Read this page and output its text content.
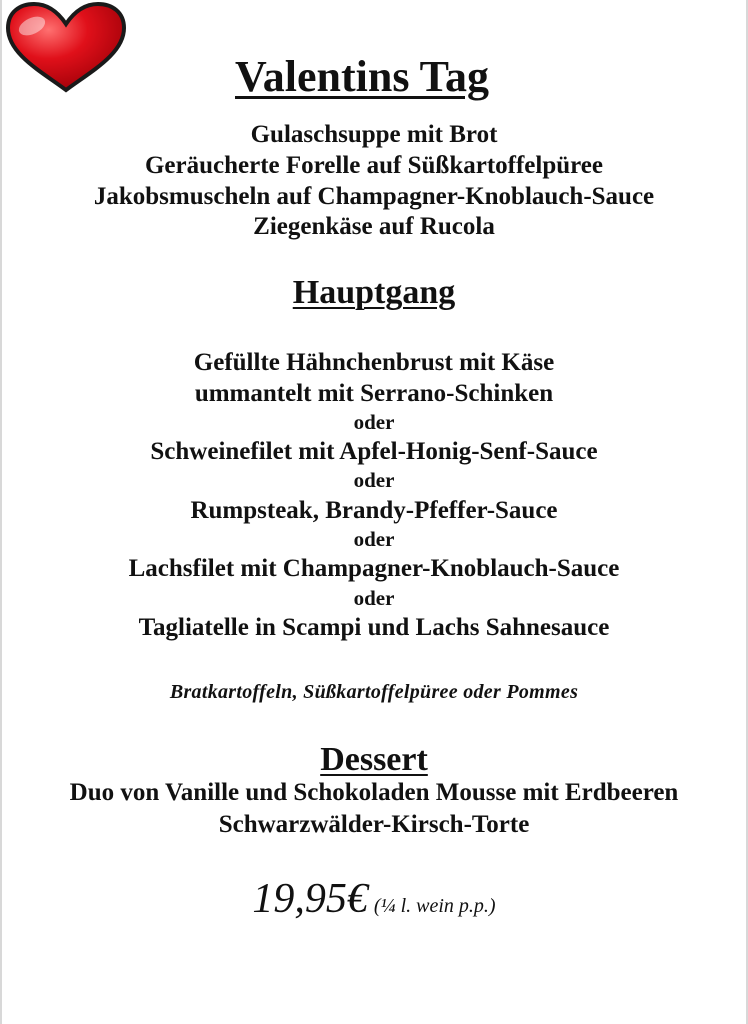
Valentins Tag
Gulaschsuppe mit Brot
Geräucherte Forelle auf Süßkartoffelpüree
Jakobsmuscheln auf Champagner-Knoblauch-Sauce
Ziegenkäse auf Rucola
Hauptgang
Gefüllte Hähnchenbrust mit Käse
ummantelt mit Serrano-Schinken
oder
Schweinefilet mit Apfel-Honig-Senf-Sauce
oder
Rumpsteak, Brandy-Pfeffer-Sauce
oder
Lachsfilet mit Champagner-Knoblauch-Sauce
oder
Tagliatelle in Scampi und Lachs Sahnesauce
Bratkartoffeln, Süßkartoffelpüree oder Pommes
Dessert
Duo von Vanille und Schokoladen Mousse mit Erdbeeren
Schwarzwälder-Kirsch-Torte
19,95€ (¼ l. wein p.p.)
